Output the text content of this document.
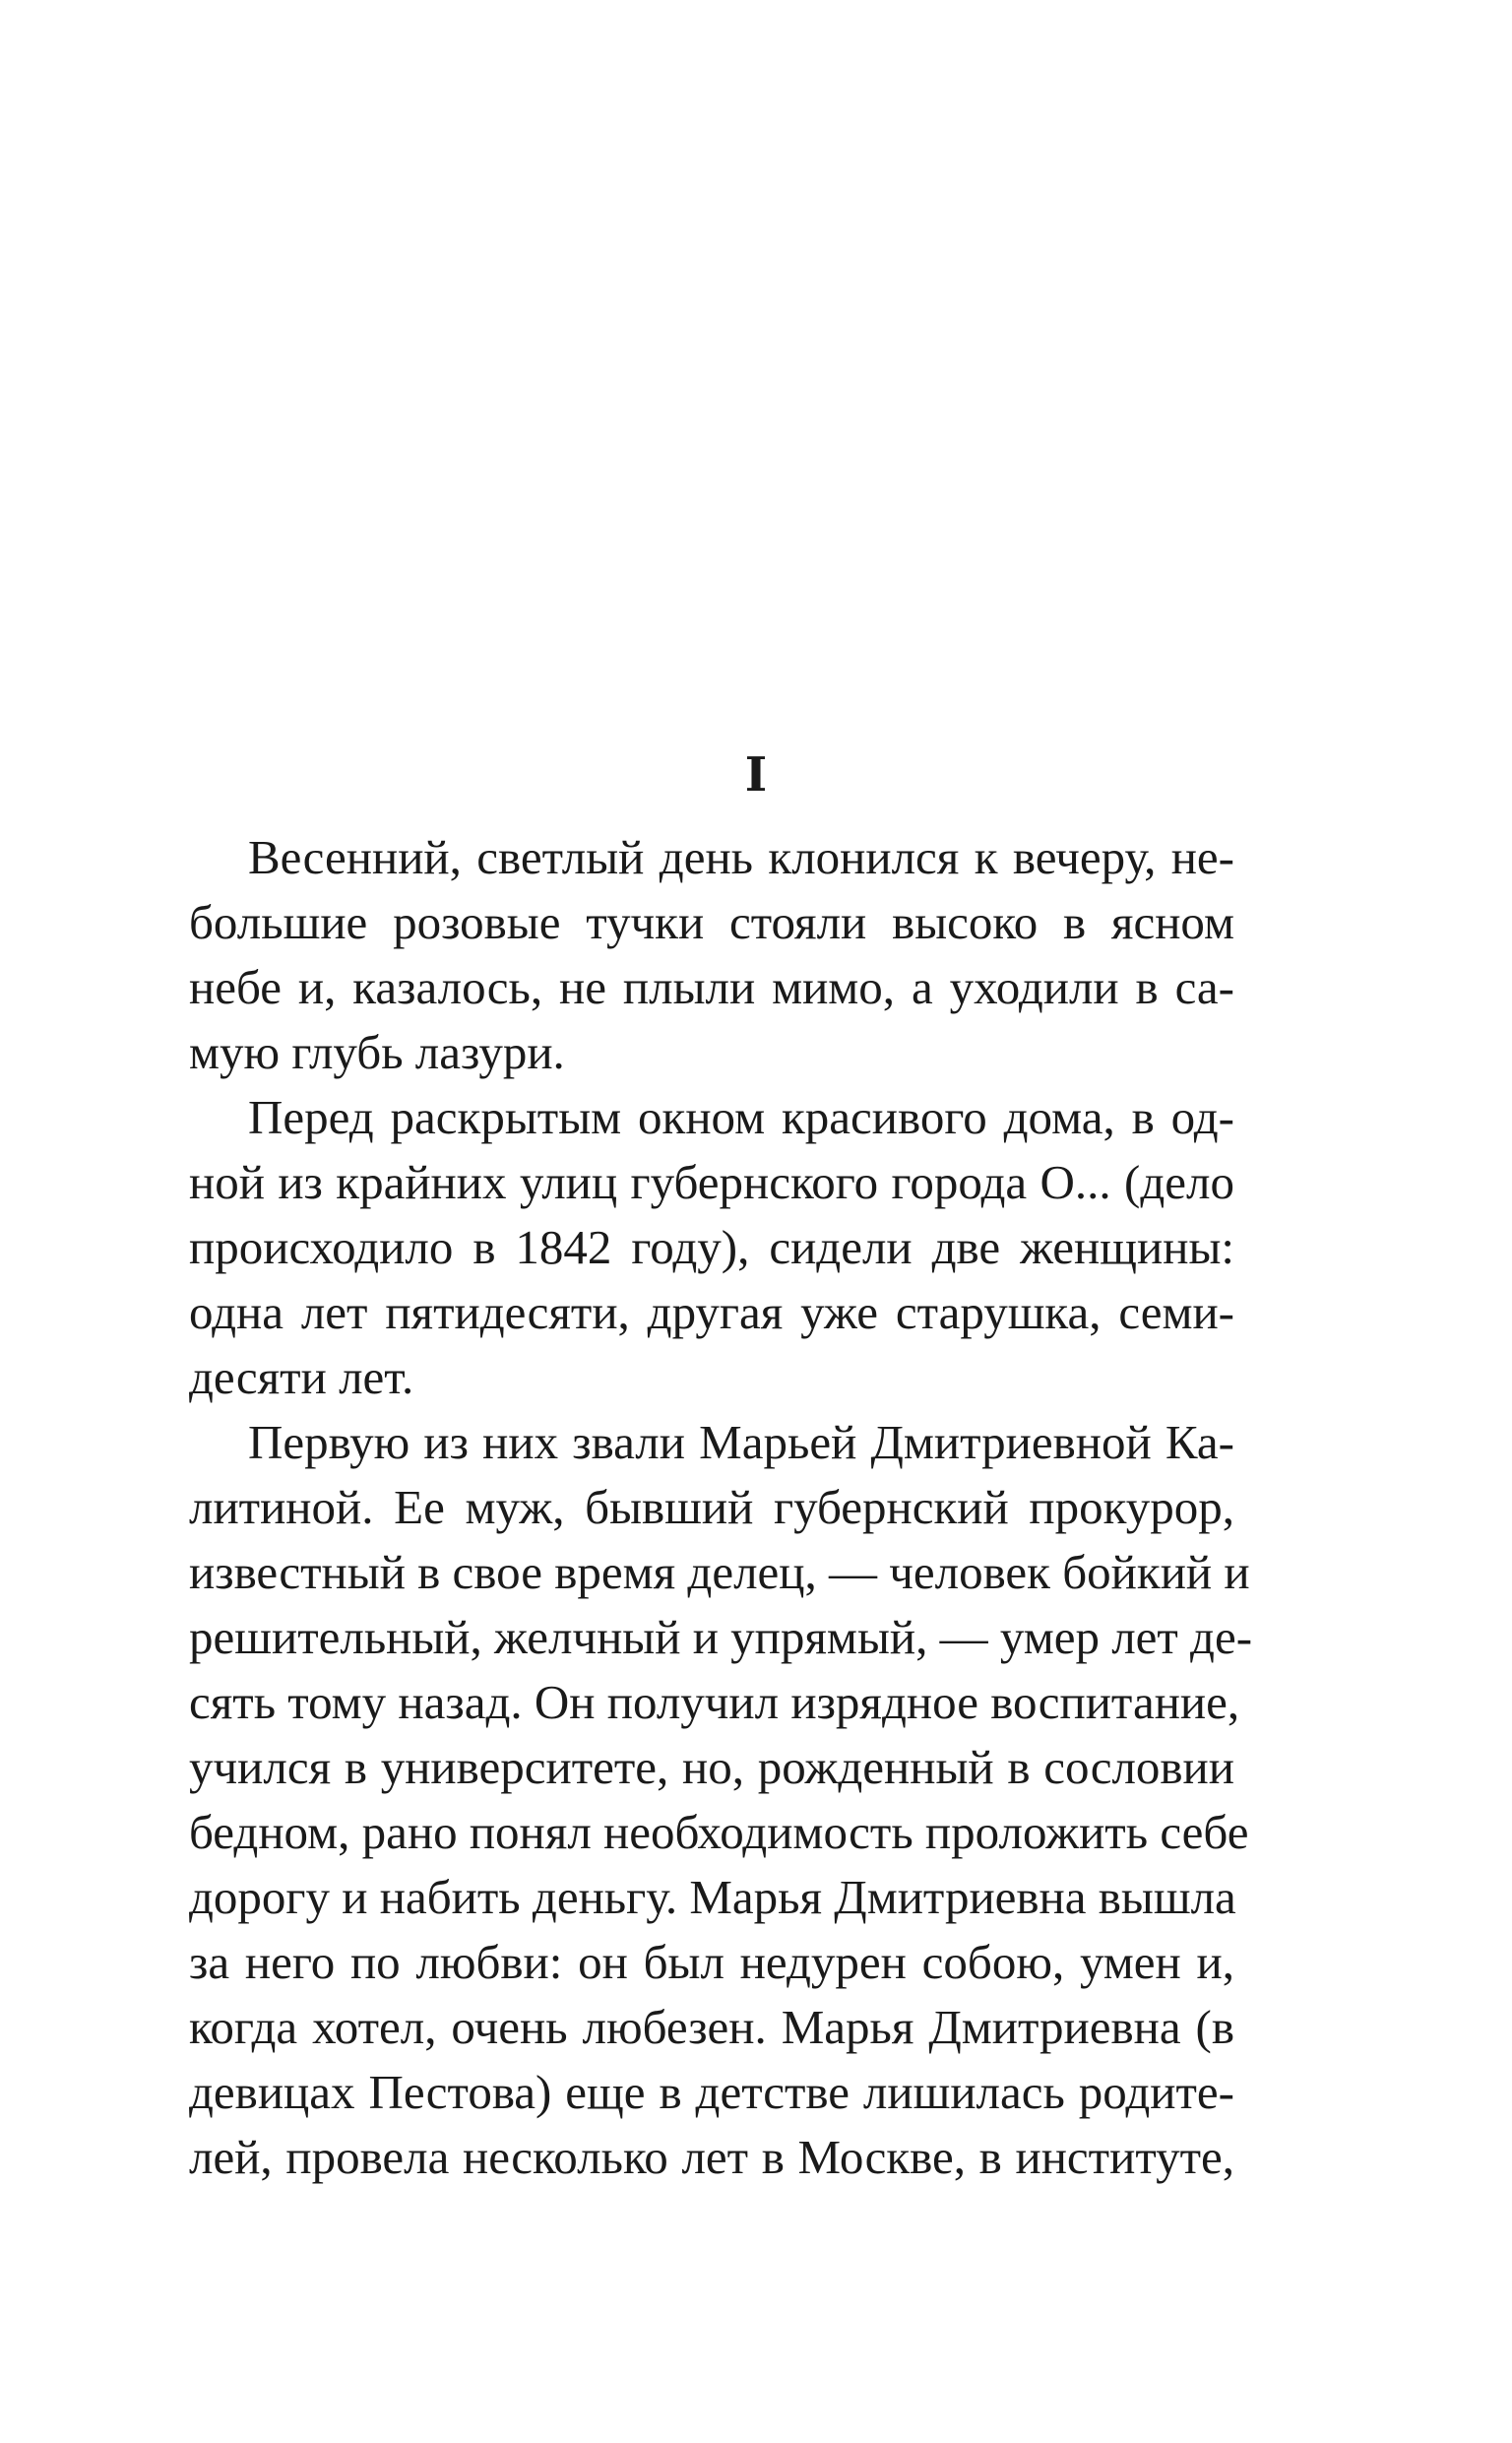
I
Весенний, светлый день клонился к вечеру, не-
большие розовые тучки стояли высоко в ясном
небе и, казалось, не плыли мимо, а уходили в са-
мую глубь лазури.
Перед раскрытым окном красивого дома, в од-
ной из крайних улиц губернского города О... (дело
происходило в 1842 году), сидели две женщины:
одна лет пятидесяти, другая уже старушка, семи-
десяти лет.
Первую из них звали Марьей Дмитриевной Ка-
литиной. Ее муж, бывший губернский прокурор,
известный в свое время делец, — человек бойкий и
решительный, желчный и упрямый, — умер лет де-
сять тому назад. Он получил изрядное воспитание,
учился в университете, но, рожденный в сословии
бедном, рано понял необходимость проложить себе
дорогу и набить деньгу. Марья Дмитриевна вышла
за него по любви: он был недурен собою, умен и,
когда хотел, очень любезен. Марья Дмитриевна (в
девицах Пестова) еще в детстве лишилась родите-
лей, провела несколько лет в Москве, в институте,
